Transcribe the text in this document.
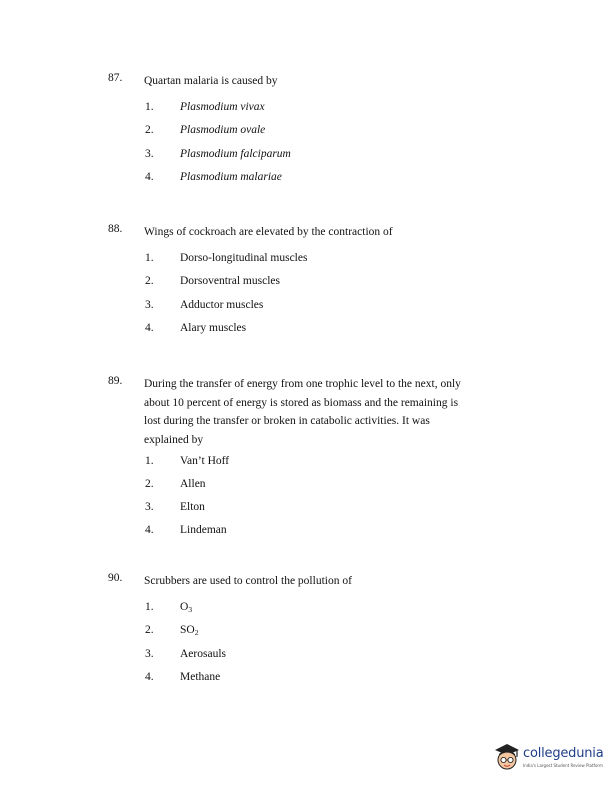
87. Quartan malaria is caused by
1. Plasmodium vivax
2. Plasmodium ovale
3. Plasmodium falciparum
4. Plasmodium malariae
88. Wings of cockroach are elevated by the contraction of
1. Dorso-longitudinal muscles
2. Dorsoventral muscles
3. Adductor muscles
4. Alary muscles
89. During the transfer of energy from one trophic level to the next, only
about 10 percent of energy is stored as biomass and the remaining is
lost during the transfer or broken in catabolic activities. It was
explained by
1. Van’t Hoff
2. Allen
3. Elton
4. Lindeman
90. Scrubbers are used to control the pollution of
1. $O_3$
2. $SO_2$
3. Aerosauls
4. Methane
collegedunia
India's Largest Student Review Platform
